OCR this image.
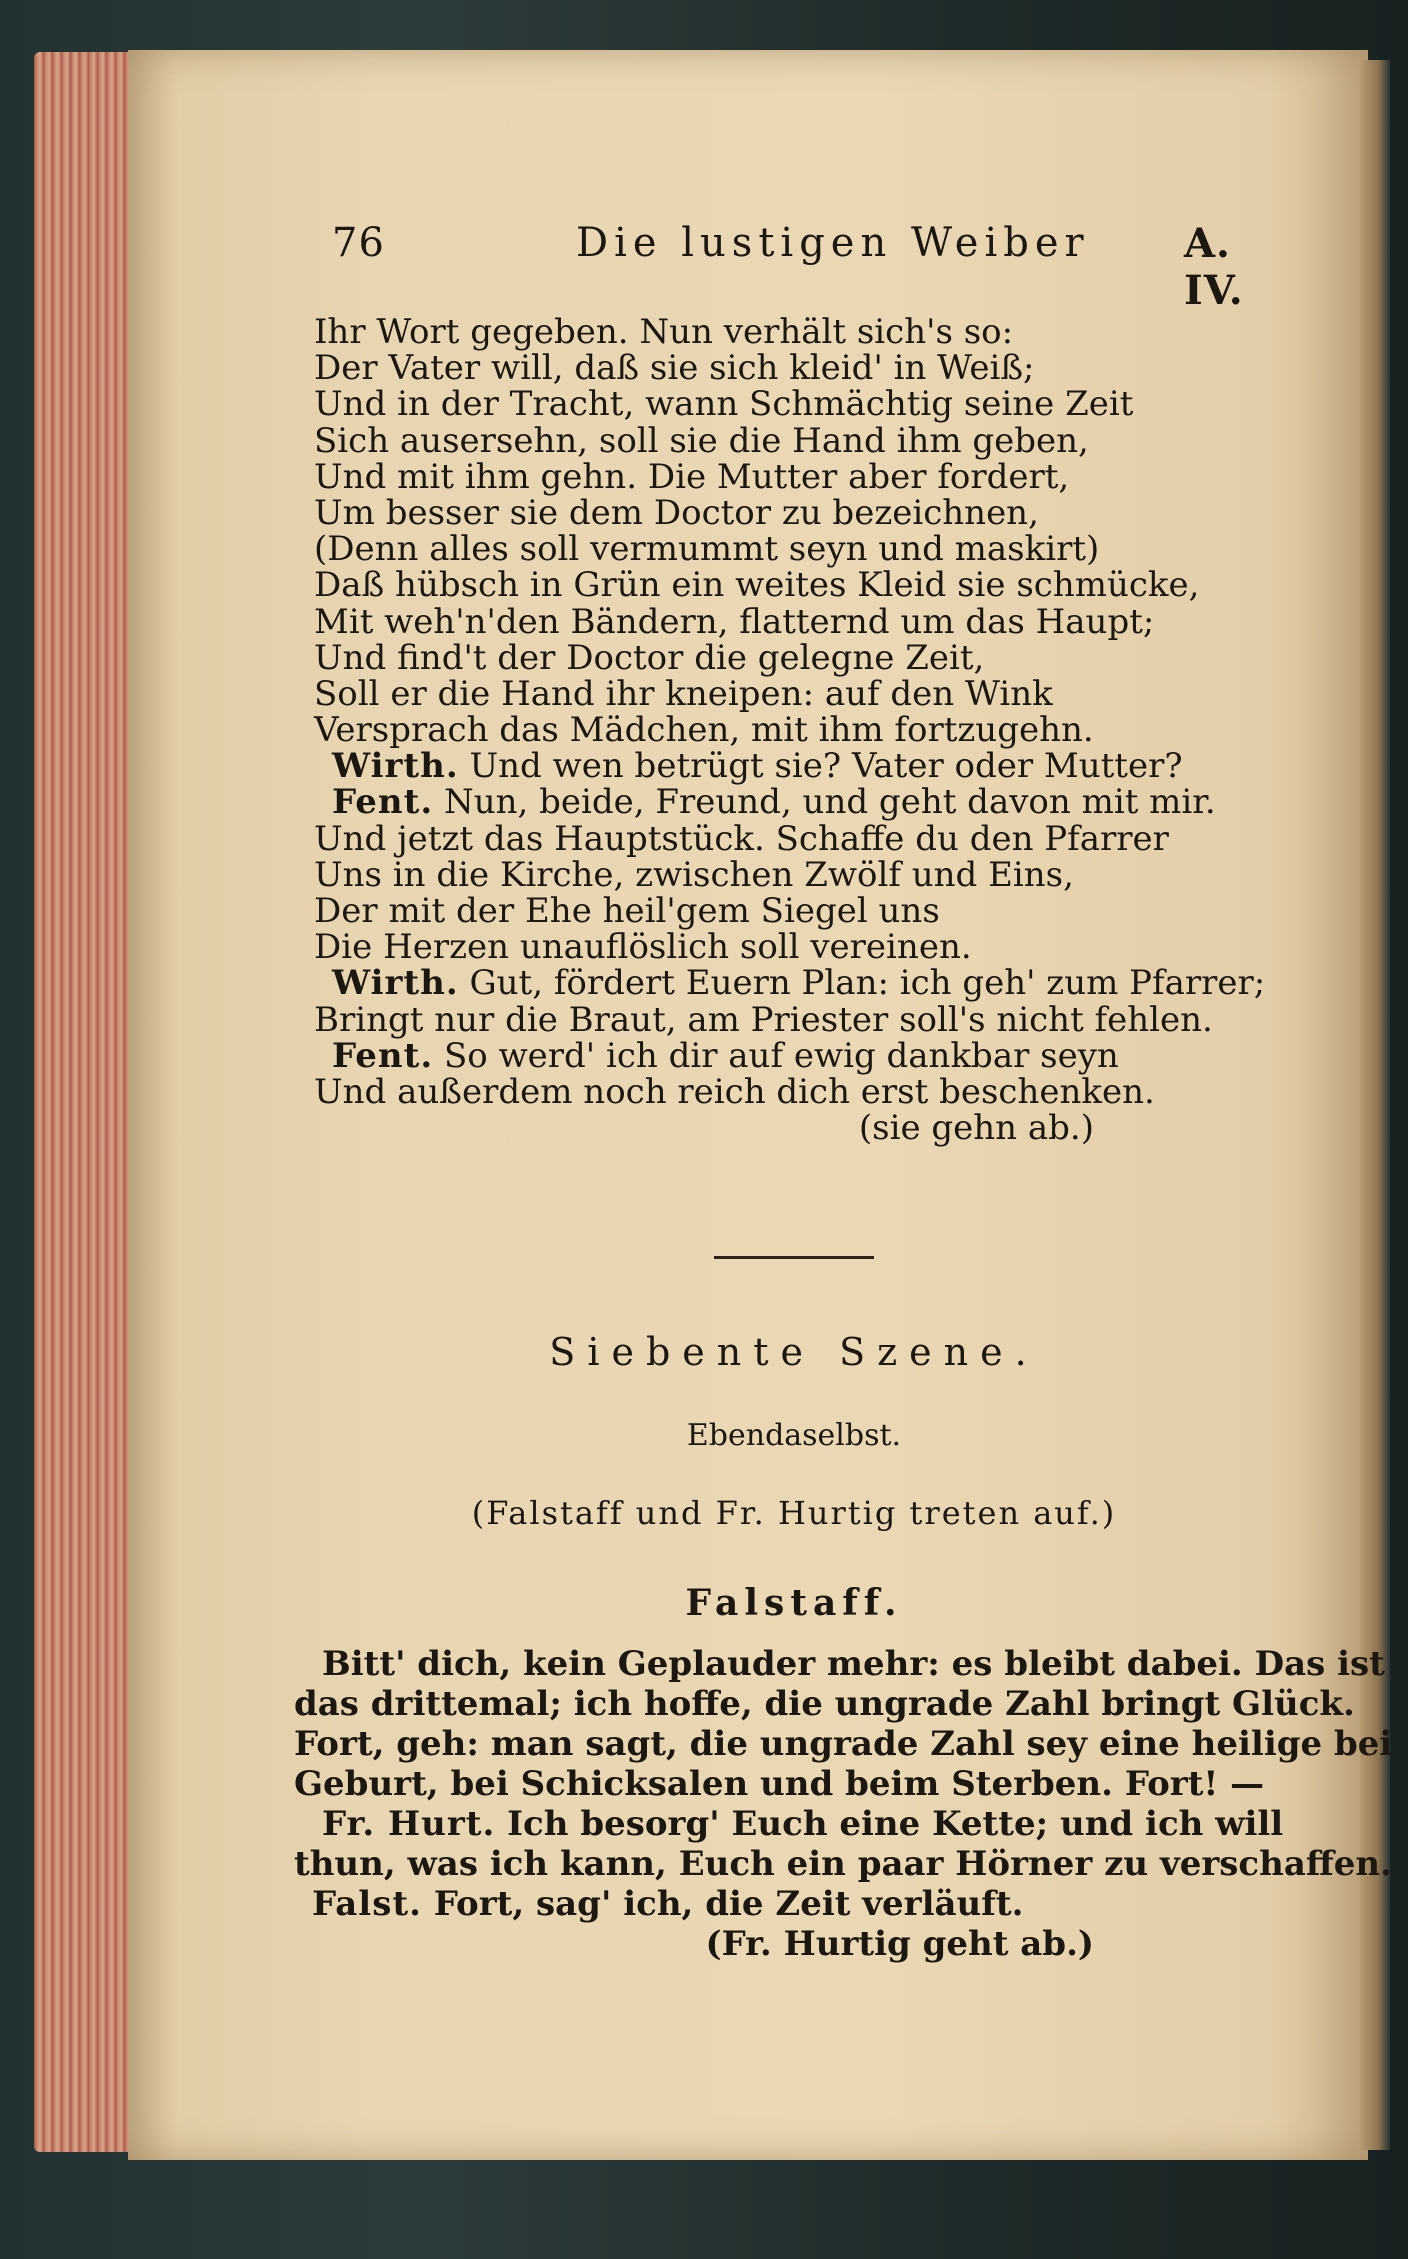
76	Die lustigen Weiber A. IV.
Ihr Wort gegeben. Nun verhält sich's so:
Der Vater will, daß sie sich kleid' in Weiß;
Und in der Tracht, wann Schmächtig seine Zeit
Sich ausersehn, soll sie die Hand ihm geben,
Und mit ihm gehn. Die Mutter aber fordert,
Um besser sie dem Doctor zu bezeichnen,
(Denn alles soll vermummt seyn und maskirt)
Daß hübsch in Grün ein weites Kleid sie schmücke,
Mit weh'n'den Bändern, flatternd um das Haupt;
Und find't der Doctor die gelegne Zeit,
Soll er die Hand ihr kneipen: auf den Wink
Versprach das Mädchen, mit ihm fortzugehn.
Wirth. Und wen betrügt sie? Vater oder Mutter?
Fent. Nun, beide, Freund, und geht davon mit mir.
Und jetzt das Hauptstück. Schaffe du den Pfarrer
Uns in die Kirche, zwischen Zwölf und Eins,
Der mit der Ehe heil'gem Siegel uns
Die Herzen unauflöslich soll vereinen.
Wirth. Gut, fördert Euern Plan: ich geh' zum Pfarrer;
Bringt nur die Braut, am Priester soll's nicht fehlen.
Fent. So werd' ich dir auf ewig dankbar seyn
Und außerdem noch reich dich erst beschenken.
(sie gehn ab.)
Siebente Szene.
Ebendaselbst.
(Falstaff und Fr. Hurtig treten auf.)
Falstaff.
Bitt' dich, kein Geplauder mehr: es bleibt dabei. Das ist
das drittemal; ich hoffe, die ungrade Zahl bringt Glück.
Fort, geh: man sagt, die ungrade Zahl sey eine heilige bei
Geburt, bei Schicksalen und beim Sterben. Fort! —
Fr. Hurt. Ich besorg' Euch eine Kette; und ich will
thun, was ich kann, Euch ein paar Hörner zu verschaffen.
Falst. Fort, sag' ich, die Zeit verläuft.
(Fr. Hurtig geht ab.)
